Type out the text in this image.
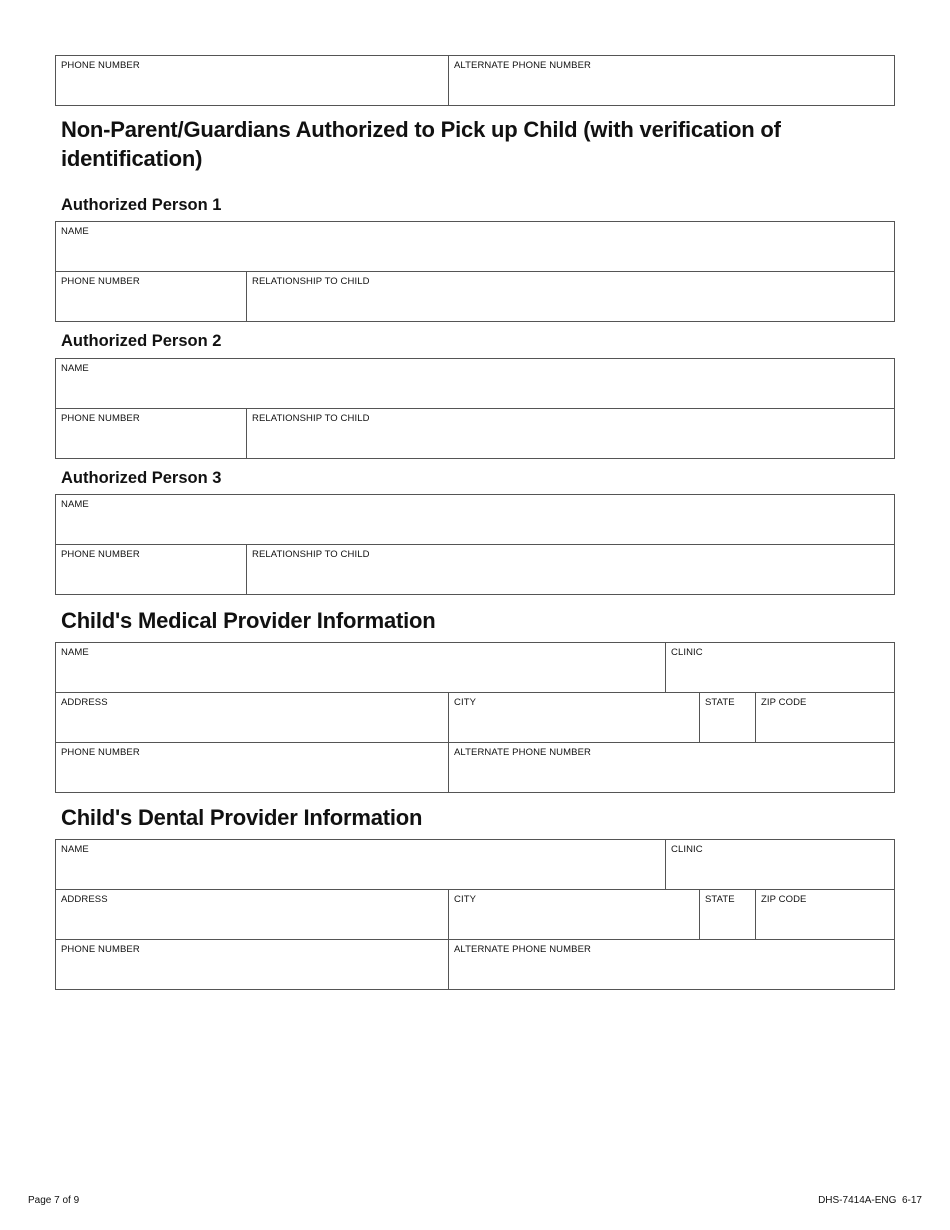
PHONE NUMBER	ALTERNATE PHONE NUMBER
Non-Parent/Guardians Authorized to Pick up Child (with verification of identification)
Authorized Person 1
NAME
PHONE NUMBER	RELATIONSHIP TO CHILD
Authorized Person 2
NAME
PHONE NUMBER	RELATIONSHIP TO CHILD
Authorized Person 3
NAME
PHONE NUMBER	RELATIONSHIP TO CHILD
Child's Medical Provider Information
NAME	CLINIC
ADDRESS	CITY	STATE	ZIP CODE
PHONE NUMBER	ALTERNATE PHONE NUMBER
Child's Dental Provider Information
NAME	CLINIC
ADDRESS	CITY	STATE	ZIP CODE
PHONE NUMBER	ALTERNATE PHONE NUMBER
Page 7 of 9	DHS-7414A-ENG  6-17
